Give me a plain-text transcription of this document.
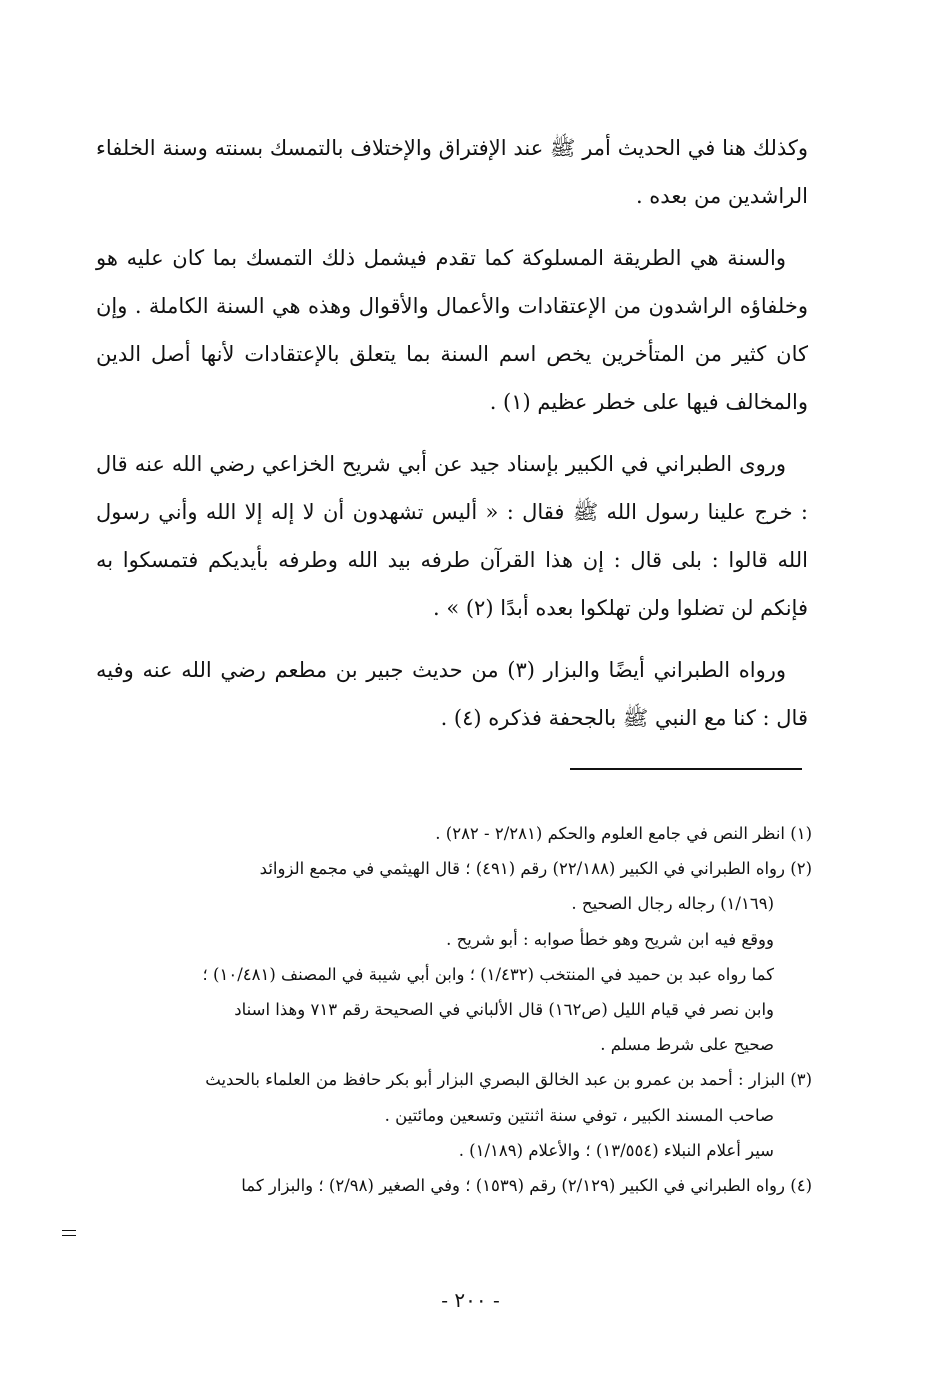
وكذلك هنا في الحديث أمر ﷺ عند الإفتراق والإختلاف بالتمسك بسنته وسنة الخلفاء الراشدين من بعده .

والسنة هي الطريقة المسلوكة كما تقدم فيشمل ذلك التمسك بما كان عليه هو وخلفاؤه الراشدون من الإعتقادات والأعمال والأقوال وهذه هي السنة الكاملة . وإن كان كثير من المتأخرين يخص اسم السنة بما يتعلق بالإعتقادات لأنها أصل الدين والمخالف فيها على خطر عظيم (١) .

وروى الطبراني في الكبير بإسناد جيد عن أبي شريح الخزاعي رضي الله عنه قال : خرج علينا رسول الله ﷺ فقال : « أليس تشهدون أن لا إله إلا الله وأني رسول الله قالوا : بلى قال : إن هذا القرآن طرفه بيد الله وطرفه بأيديكم فتمسكوا به فإنكم لن تضلوا ولن تهلكوا بعده أبدًا (٢) » .

ورواه الطبراني أيضًا والبزار (٣) من حديث جبير بن مطعم رضي الله عنه وفيه قال : كنا مع النبي ﷺ بالجحفة فذكره (٤) .

(١) انظر النص في جامع العلوم والحكم (٢/٢٨١ - ٢٨٢) .
(٢) رواه الطبراني في الكبير (٢٢/١٨٨) رقم (٤٩١) ؛ قال الهيثمي في مجمع الزوائد
(١/١٦٩) رجاله رجال الصحيح .
ووقع فيه ابن شريح وهو خطأ صوابه : أبو شريح .
كما رواه عبد بن حميد في المنتخب (١/٤٣٢) ؛ وابن أبي شيبة في المصنف (١٠/٤٨١) ؛
وابن نصر في قيام الليل (ص١٦٢) قال الألباني في الصحيحة رقم ٧١٣ وهذا اسناد
صحيح على شرط مسلم .
(٣) البزار : أحمد بن عمرو بن عبد الخالق البصري البزار أبو بكر حافظ من العلماء بالحديث
صاحب المسند الكبير ، توفي سنة اثنتين وتسعين ومائتين .
سير أعلام النبلاء (١٣/٥٥٤) ؛ والأعلام (١/١٨٩) .
(٤) رواه الطبراني في الكبير (٢/١٢٩) رقم (١٥٣٩) ؛ وفي الصغير (٢/٩٨) ؛ والبزار كما
- ٢٠٠ -
